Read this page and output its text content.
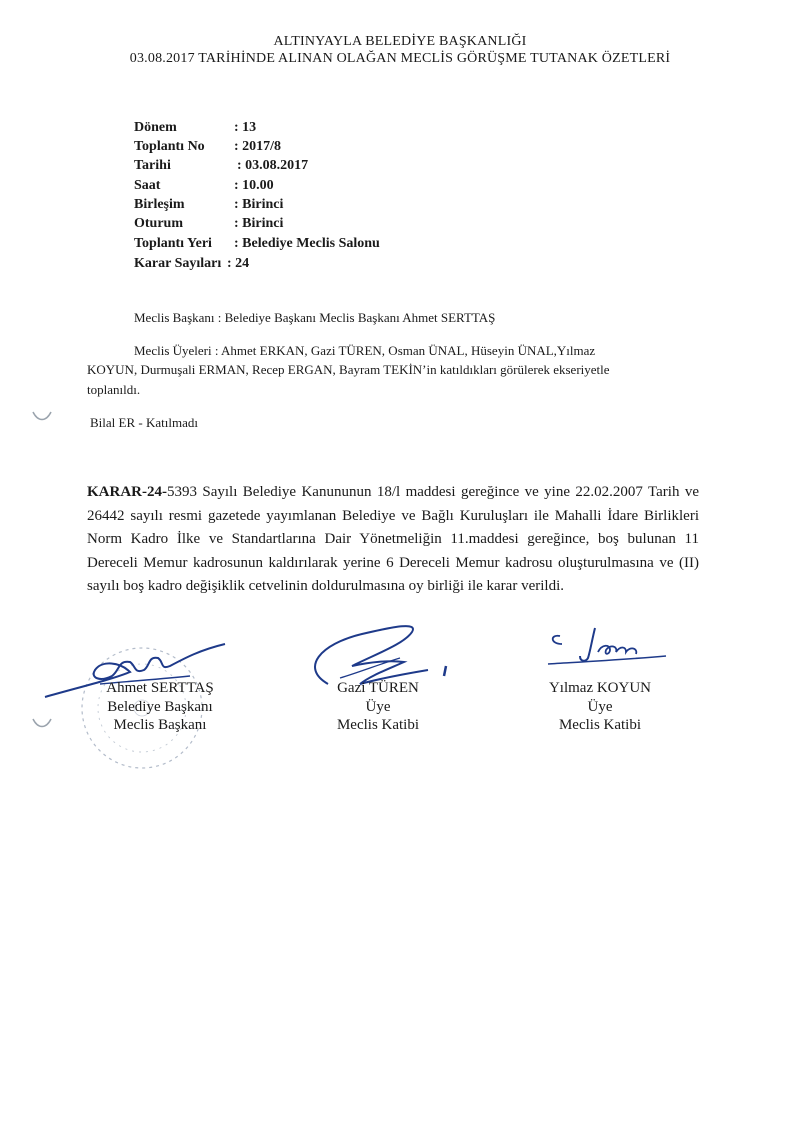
ALTINYAYLA BELEDİYE BAŞKANLIĞI
03.08.2017 TARİHİNDE ALINAN OLAĞAN MECLİS GÖRÜŞME TUTANAK ÖZETLERİ
Dönem	: 13
Toplantı No : 2017/8
Tarihi	: 03.08.2017
Saat	: 10.00
Birleşim	: Birinci
Oturum	: Birinci
Toplantı Yeri : Belediye Meclis Salonu
Karar Sayıları : 24
Meclis Başkanı : Belediye Başkanı Meclis Başkanı Ahmet SERTTAŞ
Meclis Üyeleri : Ahmet ERKAN, Gazi TÜREN, Osman ÜNAL, Hüseyin ÜNAL,Yılmaz
KOYUN, Durmuşali ERMAN, Recep ERGAN, Bayram TEKİN’in katıldıkları görülerek ekseriyetle
toplanıldı.
Bilal ER - Katılmadı
KARAR-24-5393 Sayılı Belediye Kanununun 18/l maddesi gereğince ve yine 22.02.2007 Tarih ve 26442 sayılı resmi gazetede yayımlanan Belediye ve Bağlı Kuruluşları ile Mahalli İdare Birlikleri Norm Kadro İlke ve Standartlarına Dair Yönetmeliğin 11.maddesi gereğince, boş bulunan 11 Dereceli Memur kadrosunun kaldırılarak yerine 6 Dereceli Memur kadrosu oluşturulmasına ve (II) sayılı boş kadro değişiklik cetvelinin doldurulmasına oy birliği ile karar verildi.
Ahmet SERTTAŞ
Belediye Başkanı
Meclis Başkanı
Gazi TÜREN
Üye
Meclis Katibi
Yılmaz KOYUN
Üye
Meclis Katibi
